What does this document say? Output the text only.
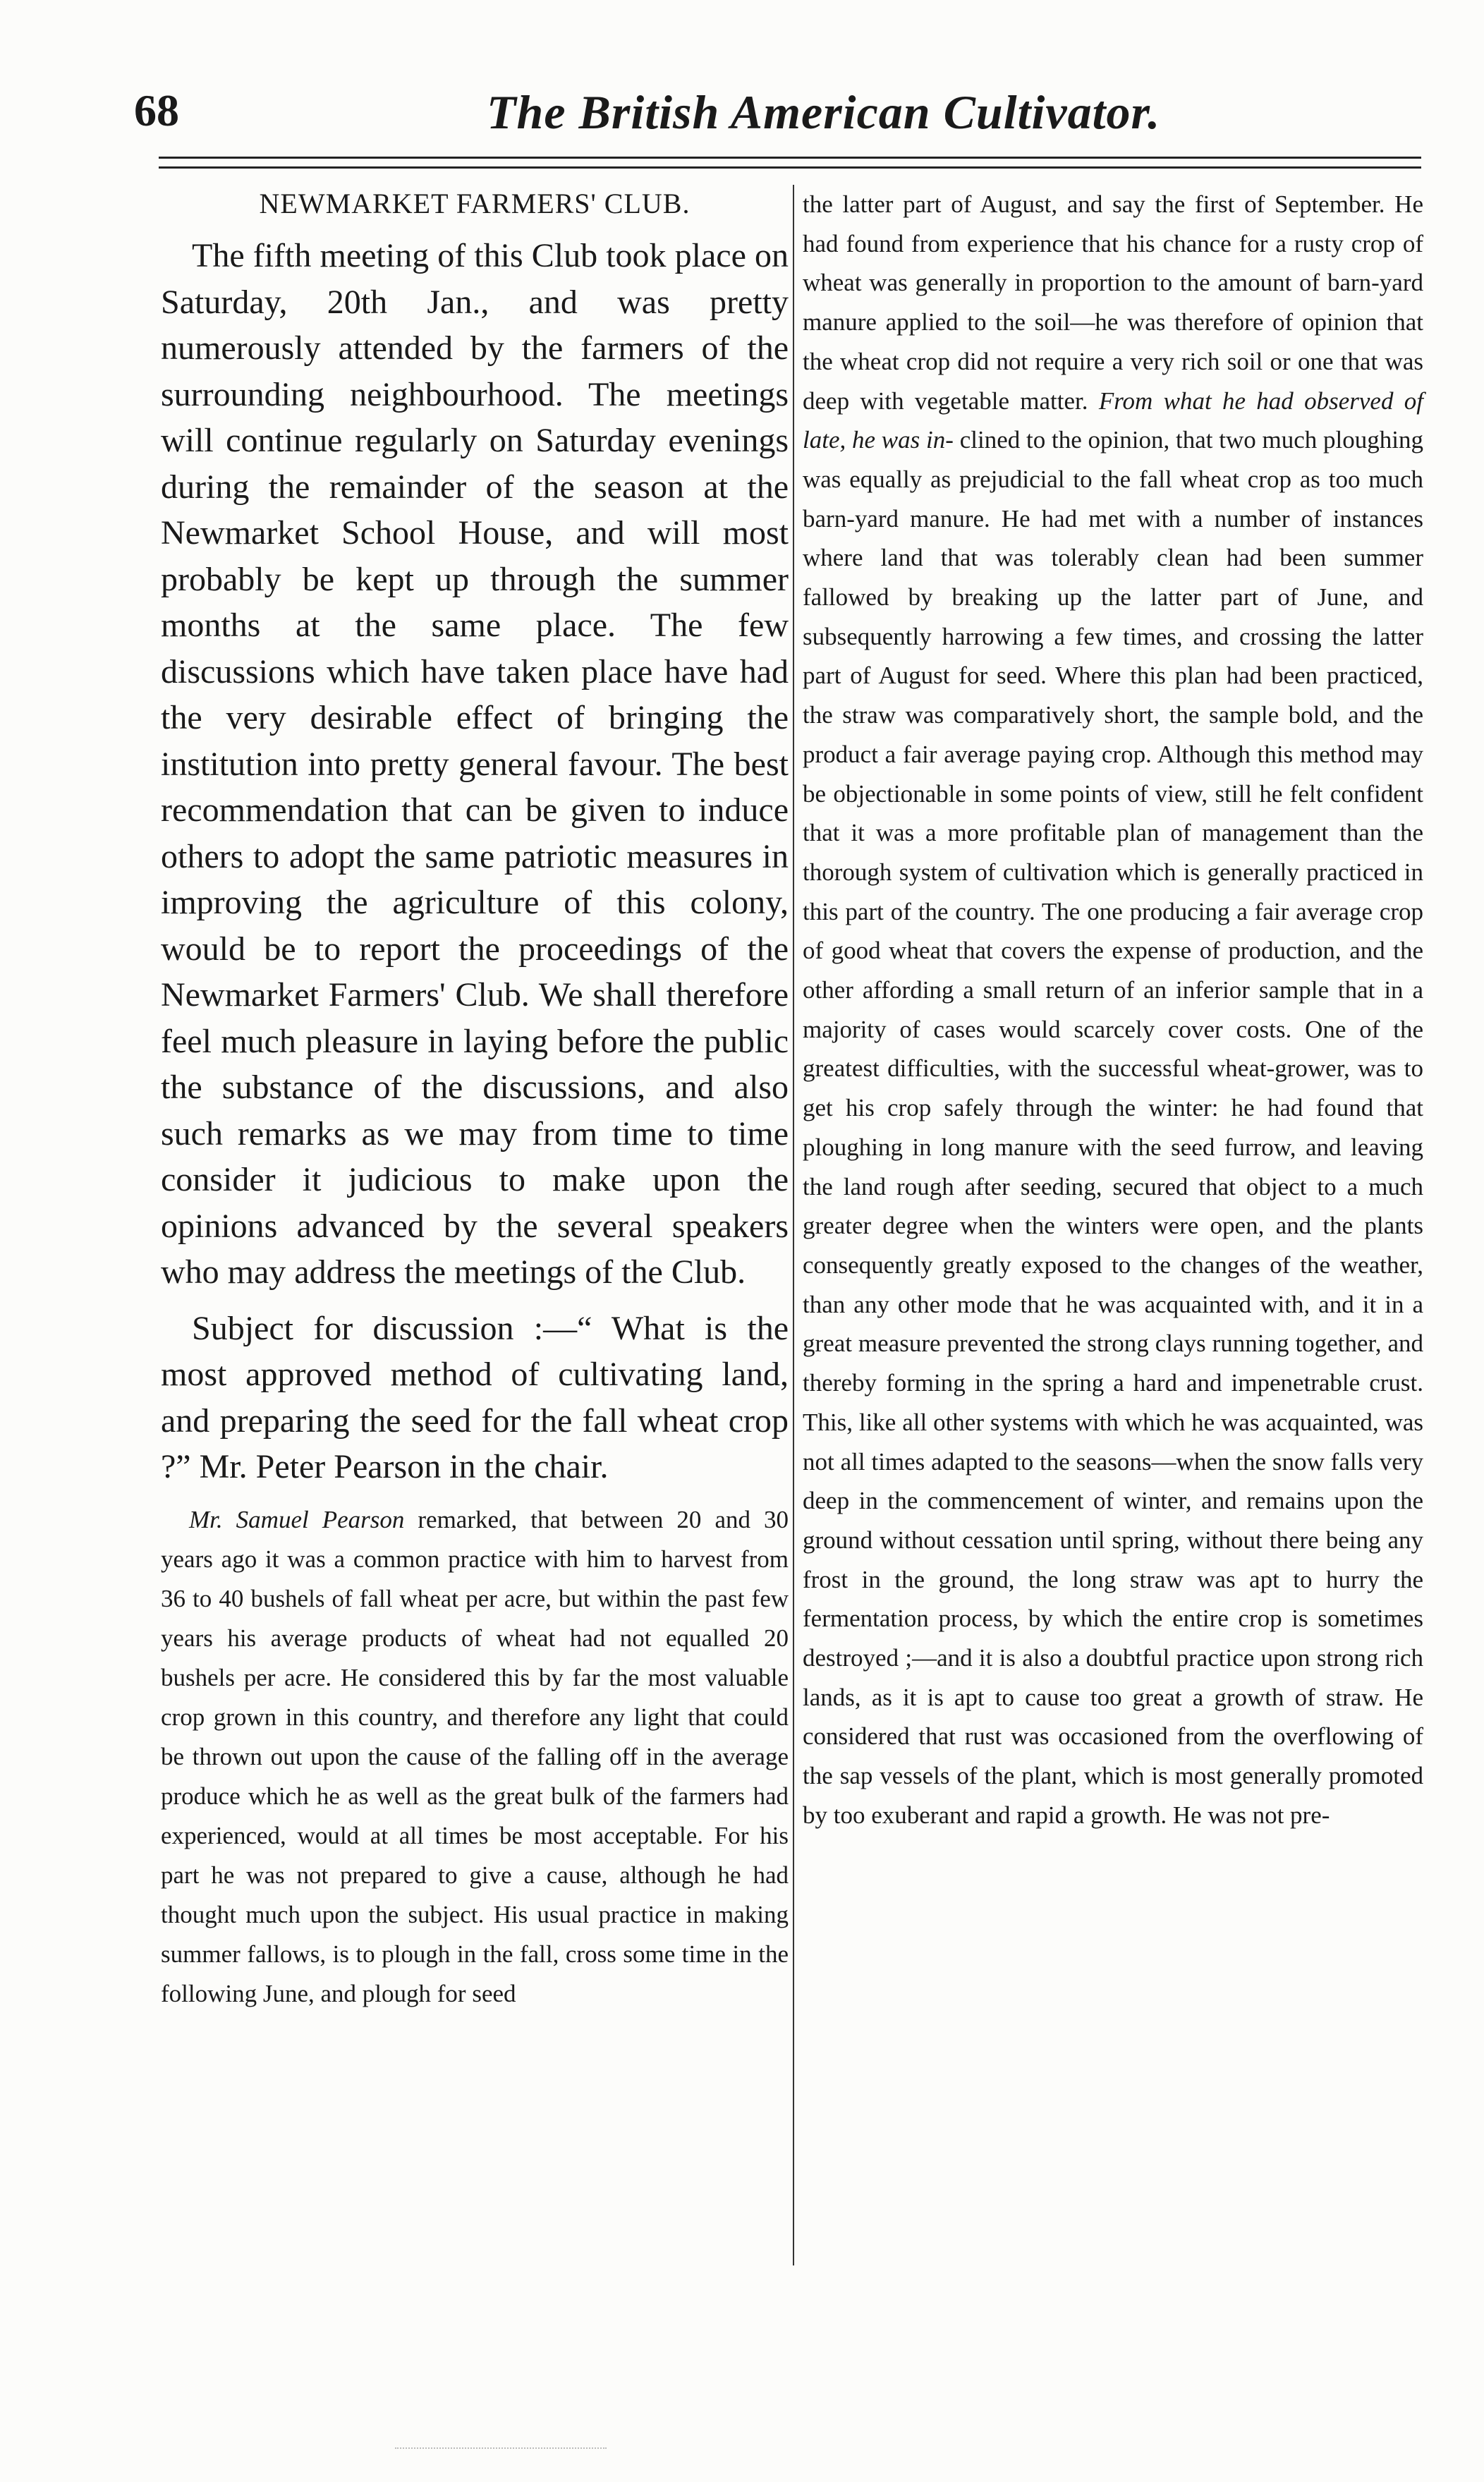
68	The British American Cultivator.
NEWMARKET FARMERS' CLUB.

The fifth meeting of this Club took place on Saturday, 20th Jan., and was pretty numerously attended by the farmers of the surrounding neighbourhood. The meetings will continue regularly on Saturday evenings during the remainder of the season at the Newmarket School House, and will most probably be kept up through the summer months at the same place. The few discussions which have taken place have had the very desirable effect of bringing the institution into pretty general favour. The best recommendation that can be given to induce others to adopt the same patriotic measures in improving the agriculture of this colony, would be to report the proceedings of the Newmarket Farmers' Club. We shall therefore feel much pleasure in laying before the public the substance of the discussions, and also such remarks as we may from time to time consider it judicious to make upon the opinions advanced by the several speakers who may address the meetings of the Club.

Subject for discussion :—“ What is the most approved method of cultivating land, and preparing the seed for the fall wheat crop ?” Mr. Peter Pearson in the chair.

Mr. Samuel Pearson remarked, that between 20 and 30 years ago it was a common practice with him to harvest from 36 to 40 bushels of fall wheat per acre, but within the past few years his average products of wheat had not equalled 20 bushels per acre. He considered this by far the most valuable crop grown in this country, and therefore any light that could be thrown out upon the cause of the falling off in the average produce which he as well as the great bulk of the farmers had experienced, would at all times be most acceptable. For his part he was not prepared to give a cause, although he had thought much upon the subject. His usual practice in making summer fallows, is to plough in the fall, cross some time in the following June, and plough for seed

the latter part of August, and say the first of September. He had found from experience that his chance for a rusty crop of wheat was generally in proportion to the amount of barn-yard manure applied to the soil—he was therefore of opinion that the wheat crop did not require a very rich soil or one that was deep with vegetable matter. From what he had observed of late, he was in- clined to the opinion, that two much ploughing was equally as prejudicial to the fall wheat crop as too much barn-yard manure. He had met with a number of instances where land that was tolerably clean had been summer fallowed by breaking up the latter part of June, and subsequently harrowing a few times, and crossing the latter part of August for seed. Where this plan had been practiced, the straw was comparatively short, the sample bold, and the product a fair average paying crop. Although this method may be objectionable in some points of view, still he felt confident that it was a more profitable plan of management than the thorough system of cultivation which is generally practiced in this part of the country. The one producing a fair average crop of good wheat that covers the expense of production, and the other affording a small return of an inferior sample that in a majority of cases would scarcely cover costs. One of the greatest difficulties, with the successful wheat-grower, was to get his crop safely through the winter: he had found that ploughing in long manure with the seed furrow, and leaving the land rough after seeding, secured that object to a much greater degree when the winters were open, and the plants consequently greatly exposed to the changes of the weather, than any other mode that he was acquainted with, and it in a great measure prevented the strong clays running together, and thereby forming in the spring a hard and impenetrable crust. This, like all other systems with which he was acquainted, was not all times adapted to the seasons—when the snow falls very deep in the commencement of winter, and remains upon the ground without cessation until spring, without there being any frost in the ground, the long straw was apt to hurry the fermentation process, by which the entire crop is sometimes destroyed ;—and it is also a doubtful practice upon strong rich lands, as it is apt to cause too great a growth of straw. He considered that rust was occasioned from the overflowing of the sap vessels of the plant, which is most generally promoted by too exuberant and rapid a growth. He was not pre-
